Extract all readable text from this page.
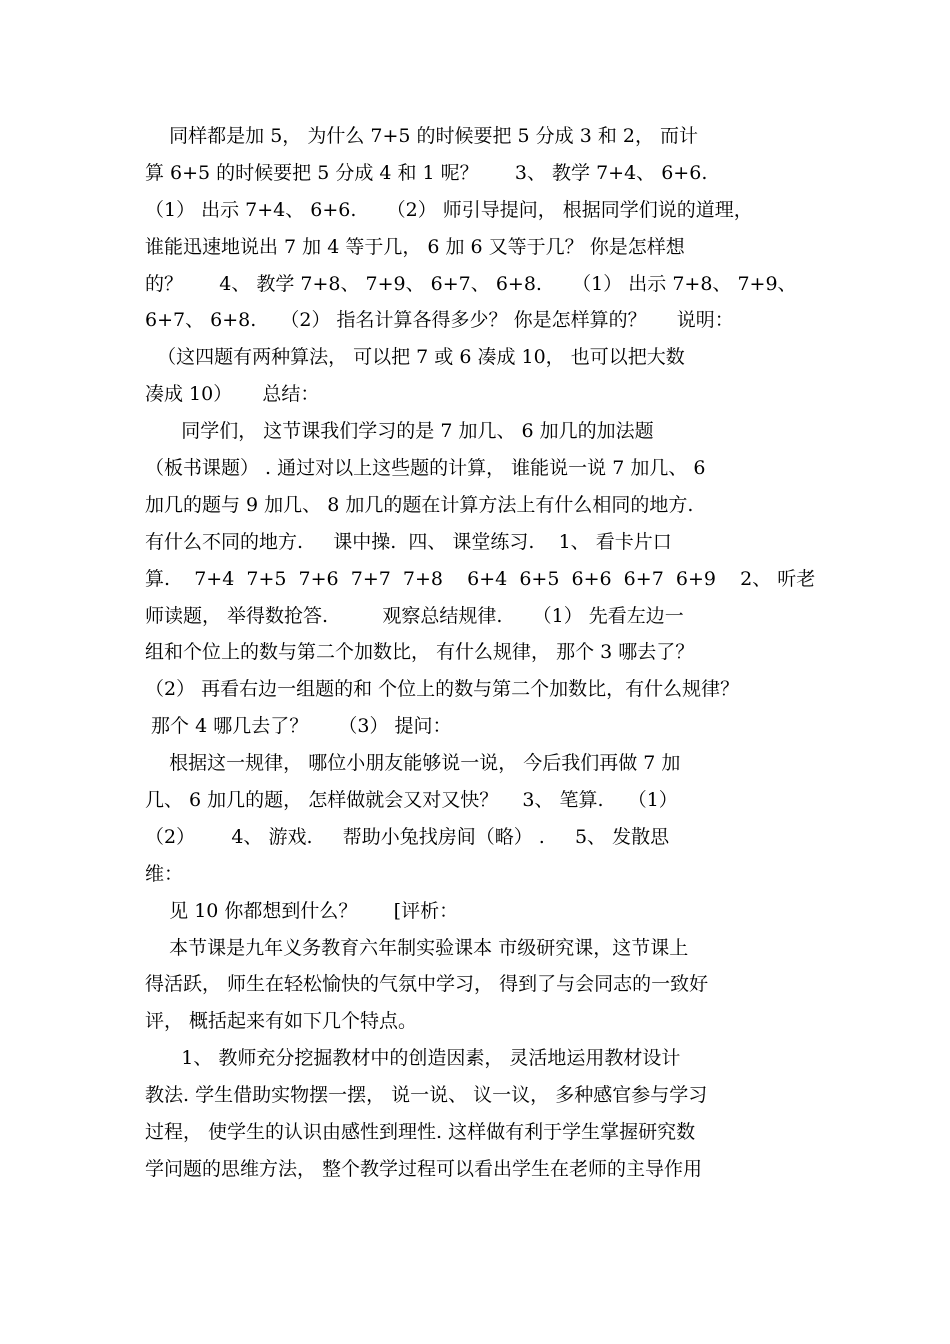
同样都是加 5， 为什么 7+5 的时候要把 5 分成 3 和 2， 而计
算 6+5 的时候要把 5 分成 4 和 1 呢？      3、 教学 7+4、 6+6.
（1） 出示 7+4、 6+6.     （2） 师引导提问， 根据同学们说的道理，
谁能迅速地说出 7 加 4 等于几， 6 加 6 又等于几？ 你是怎样想
的？      4、 教学 7+8、 7+9、 6+7、 6+8.     （1） 出示 7+8、 7+9、
6+7、 6+8.    （2） 指名计算各得多少？ 你是怎样算的？     说明：
（这四题有两种算法， 可以把 7 或 6 凑成 10， 也可以把大数
凑成 10）     总结：
同学们， 这节课我们学习的是 7 加几、 6 加几的加法题
（板书课题） . 通过对以上这些题的计算， 谁能说一说 7 加几、 6
加几的题与 9 加几、 8 加几的题在计算方法上有什么相同的地方.
有什么不同的地方.     课中操.  四、 课堂练习.    1、 看卡片口
算.    7+4  7+5  7+6  7+7  7+8    6+4  6+5  6+6  6+7  6+9    2、 听老
师读题， 举得数抢答.         观察总结规律.     （1） 先看左边一
组和个位上的数与第二个加数比， 有什么规律， 那个 3 哪去了？
（2） 再看右边一组题的和 个位上的数与第二个加数比，有什么规律？
那个 4 哪几去了？     （3） 提问：
根据这一规律， 哪位小朋友能够说一说， 今后我们再做 7 加
几、 6 加几的题， 怎样做就会又对又快？    3、 笔算.    （1）
（2）      4、 游戏.     帮助小兔找房间（略） .     5、 发散思
维：
见 10 你都想到什么？      [评析：
本节课是九年义务教育六年制实验课本 市级研究课，这节课上
得活跃， 师生在轻松愉快的气氛中学习， 得到了与会同志的一致好
评， 概括起来有如下几个特点。
1、 教师充分挖掘教材中的创造因素， 灵活地运用教材设计
教法. 学生借助实物摆一摆， 说一说、 议一议， 多种感官参与学习
过程， 使学生的认识由感性到理性. 这样做有利于学生掌握研究数
学问题的思维方法， 整个教学过程可以看出学生在老师的主导作用
